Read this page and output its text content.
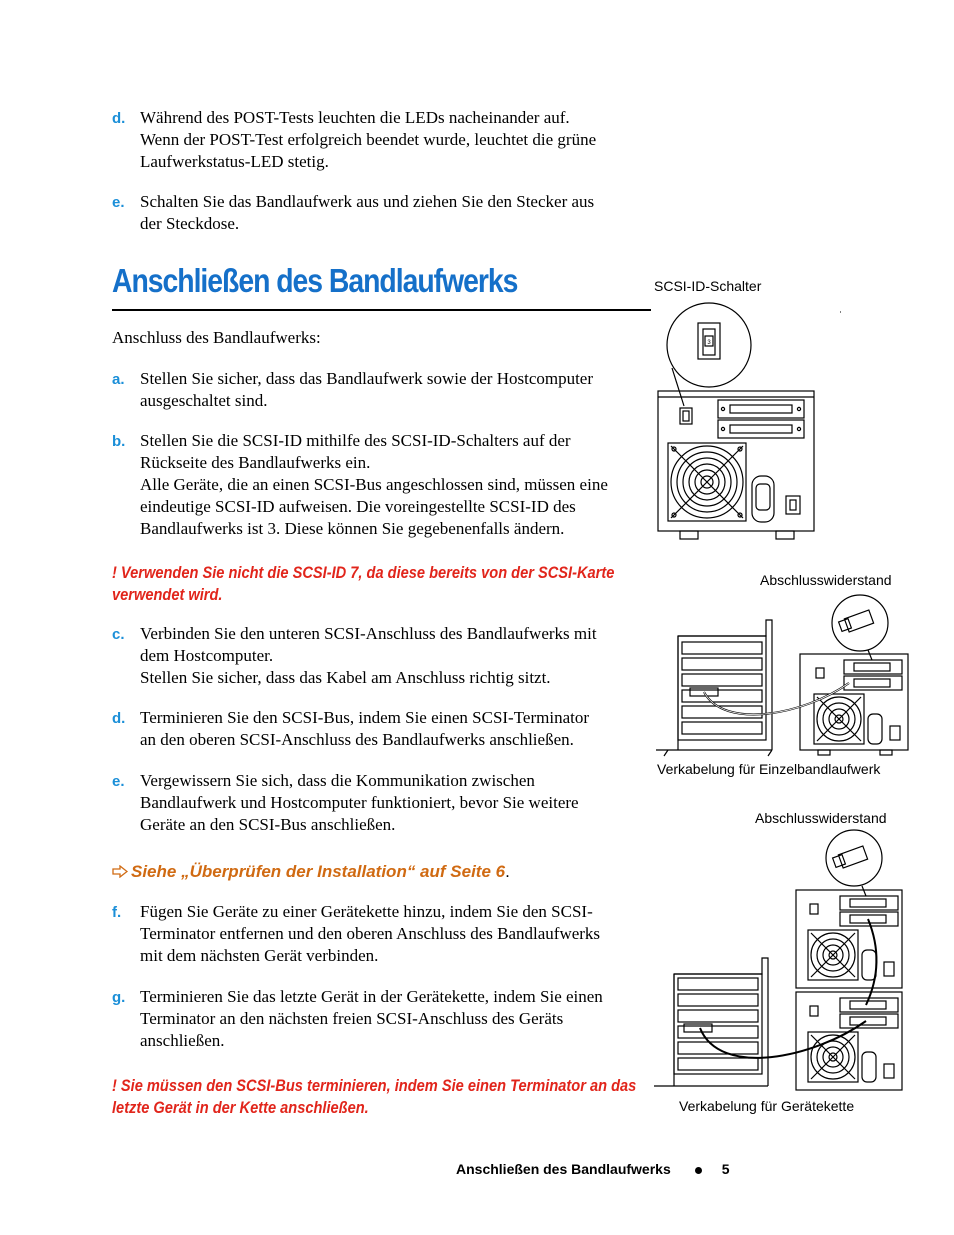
d. Während des POST-Tests leuchten die LEDs nacheinander auf.
Wenn der POST-Test erfolgreich beendet wurde, leuchtet die grüne
Laufwerkstatus-LED stetig.
e. Schalten Sie das Bandlaufwerk aus und ziehen Sie den Stecker aus
der Steckdose.
Anschließen des Bandlaufwerks
Anschluss des Bandlaufwerks:
a. Stellen Sie sicher, dass das Bandlaufwerk sowie der Hostcomputer
ausgeschaltet sind.
b. Stellen Sie die SCSI-ID mithilfe des SCSI-ID-Schalters auf der
Rückseite des Bandlaufwerks ein.
Alle Geräte, die an einen SCSI-Bus angeschlossen sind, müssen eine
eindeutige SCSI-ID aufweisen. Die voreingestellte SCSI-ID des
Bandlaufwerks ist 3. Diese können Sie gegebenenfalls ändern.
! Verwenden Sie nicht die SCSI-ID 7, da diese bereits von der SCSI-Karte
verwendet wird.
c. Verbinden Sie den unteren SCSI-Anschluss des Bandlaufwerks mit
dem Hostcomputer.
Stellen Sie sicher, dass das Kabel am Anschluss richtig sitzt.
d. Terminieren Sie den SCSI-Bus, indem Sie einen SCSI-Terminator
an den oberen SCSI-Anschluss des Bandlaufwerks anschließen.
e. Vergewissern Sie sich, dass die Kommunikation zwischen
Bandlaufwerk und Hostcomputer funktioniert, bevor Sie weitere
Geräte an den SCSI-Bus anschließen.
Siehe „Überprüfen der Installation“ auf Seite 6.
f. Fügen Sie Geräte zu einer Gerätekette hinzu, indem Sie den SCSI-
Terminator entfernen und den oberen Anschluss des Bandlaufwerks
mit dem nächsten Gerät verbinden.
g. Terminieren Sie das letzte Gerät in der Gerätekette, indem Sie einen
Terminator an den nächsten freien SCSI-Anschluss des Geräts
anschließen.
! Sie müssen den SCSI-Bus terminieren, indem Sie einen Terminator an das
letzte Gerät in der Kette anschließen.
SCSI-ID-Schalter
3
Abschlusswiderstand
Verkabelung für Einzelbandlaufwerk
Abschlusswiderstand
Verkabelung für Gerätekette
Anschließen des Bandlaufwerks	5
